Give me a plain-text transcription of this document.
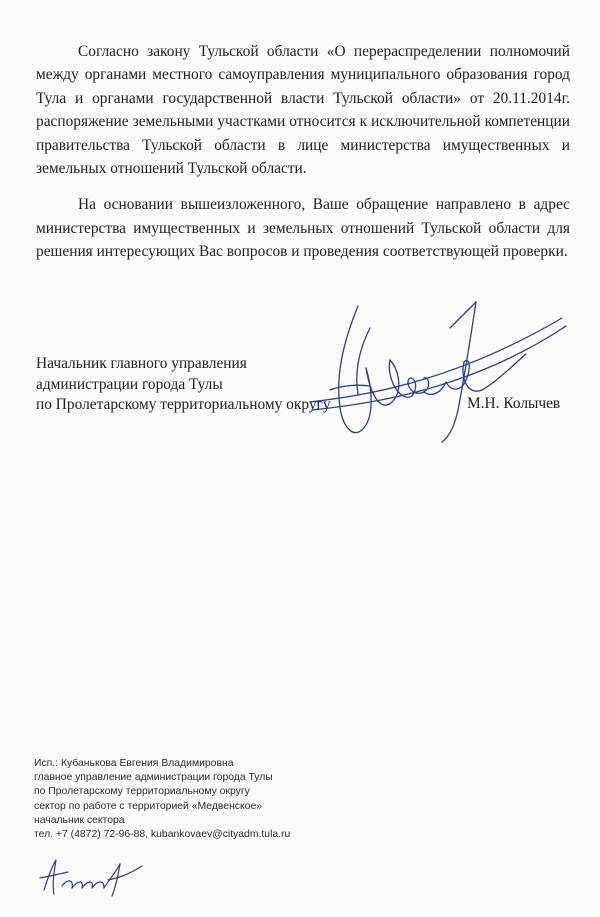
Согласно закону Тульской области «О перераспределении полномочий между органами местного самоуправления муниципального образования город Тула и органами государственной власти Тульской области» от 20.11.2014г. распоряжение земельными участками относится к исключительной компетенции правительства Тульской области в лице министерства имущественных и земельных отношений Тульской области.

На основании вышеизложенного, Ваше обращение направлено в адрес министерства имущественных и земельных отношений Тульской области для решения интересующих Вас вопросов и проведения соответствующей проверки.

Начальник главного управления
администрации города Тулы
по Пролетарскому территориальному округу	М.Н. Колычев
Исп.: Кубанькова Евгения Владимировна
главное управление администрации города Тулы
по Пролетарскому территориальному округу
сектор по работе с территорией «Медвенское»
начальник сектора
тел. +7 (4872) 72-96-88, kubankovaev@cityadm.tula.ru
